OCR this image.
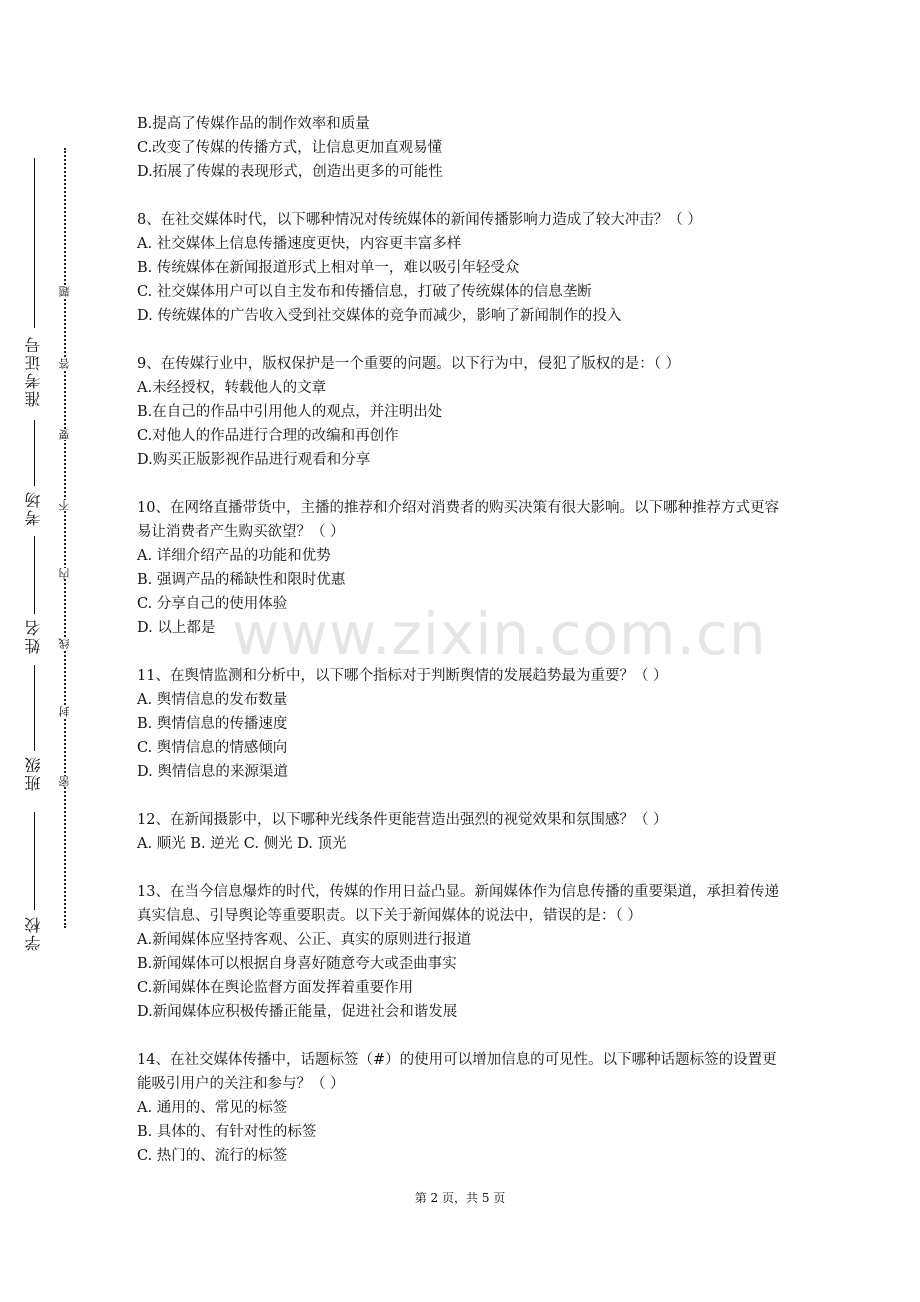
准考证号
考场
姓名
班级
学校
题
答
要
不
内
线
封
密
B.提高了传媒作品的制作效率和质量
C.改变了传媒的传播方式，让信息更加直观易懂
D.拓展了传媒的表现形式，创造出更多的可能性
8、在社交媒体时代，以下哪种情况对传统媒体的新闻传播影响力造成了较大冲击？（ ）
A. 社交媒体上信息传播速度更快，内容更丰富多样
B. 传统媒体在新闻报道形式上相对单一，难以吸引年轻受众
C. 社交媒体用户可以自主发布和传播信息，打破了传统媒体的信息垄断
D. 传统媒体的广告收入受到社交媒体的竞争而减少，影响了新闻制作的投入
9、在传媒行业中，版权保护是一个重要的问题。以下行为中，侵犯了版权的是：（ ）
A.未经授权，转载他人的文章
B.在自己的作品中引用他人的观点，并注明出处
C.对他人的作品进行合理的改编和再创作
D.购买正版影视作品进行观看和分享
10、在网络直播带货中，主播的推荐和介绍对消费者的购买决策有很大影响。以下哪种推荐方式更容易让消费者产生购买欲望？（ ）
A. 详细介绍产品的功能和优势
B. 强调产品的稀缺性和限时优惠
C. 分享自己的使用体验
D. 以上都是
11、在舆情监测和分析中，以下哪个指标对于判断舆情的发展趋势最为重要？（ ）
A. 舆情信息的发布数量
B. 舆情信息的传播速度
C. 舆情信息的情感倾向
D. 舆情信息的来源渠道
12、在新闻摄影中，以下哪种光线条件更能营造出强烈的视觉效果和氛围感？（ ）
A. 顺光 B. 逆光 C. 侧光 D. 顶光
13、在当今信息爆炸的时代，传媒的作用日益凸显。新闻媒体作为信息传播的重要渠道，承担着传递真实信息、引导舆论等重要职责。以下关于新闻媒体的说法中，错误的是：（ ）
A.新闻媒体应坚持客观、公正、真实的原则进行报道
B.新闻媒体可以根据自身喜好随意夸大或歪曲事实
C.新闻媒体在舆论监督方面发挥着重要作用
D.新闻媒体应积极传播正能量，促进社会和谐发展
14、在社交媒体传播中，话题标签（#）的使用可以增加信息的可见性。以下哪种话题标签的设置更能吸引用户的关注和参与？（ ）
A. 通用的、常见的标签
B. 具体的、有针对性的标签
C. 热门的、流行的标签
www.zixin.com.cn
第 2 页，共 5 页
